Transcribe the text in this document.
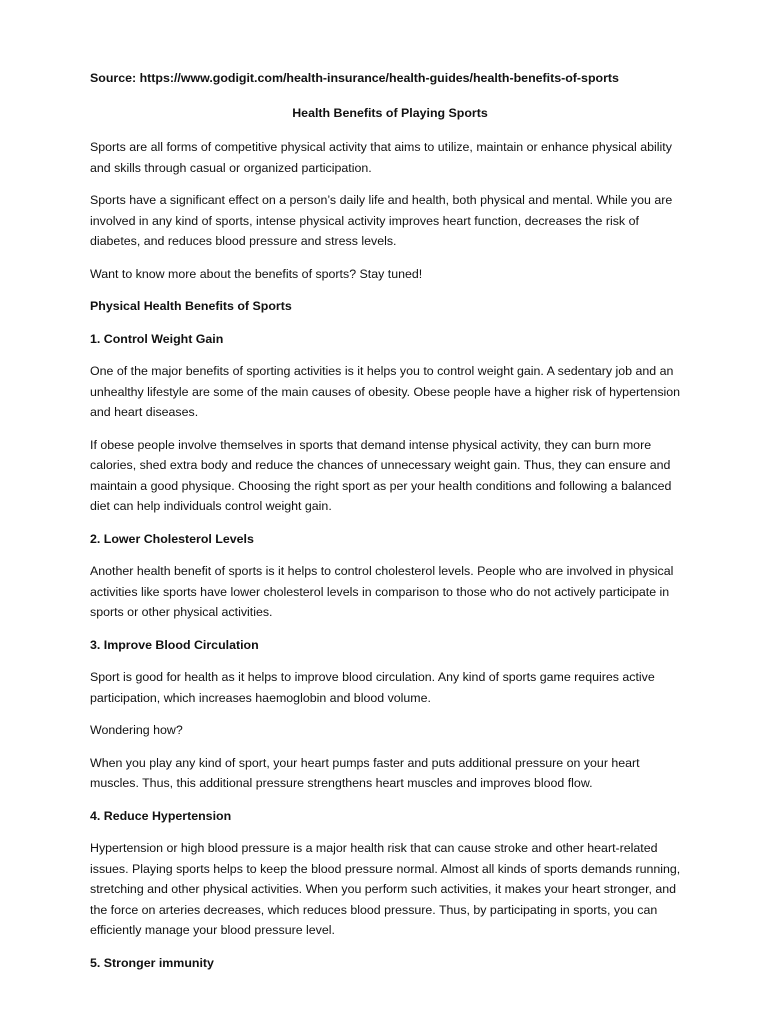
Source: https://www.godigit.com/health-insurance/health-guides/health-benefits-of-sports

Health Benefits of Playing Sports

Sports are all forms of competitive physical activity that aims to utilize, maintain or enhance physical ability and skills through casual or organized participation.

Sports have a significant effect on a person’s daily life and health, both physical and mental. While you are involved in any kind of sports, intense physical activity improves heart function, decreases the risk of diabetes, and reduces blood pressure and stress levels.

Want to know more about the benefits of sports? Stay tuned!

Physical Health Benefits of Sports

1. Control Weight Gain

One of the major benefits of sporting activities is it helps you to control weight gain. A sedentary job and an unhealthy lifestyle are some of the main causes of obesity. Obese people have a higher risk of hypertension and heart diseases.

If obese people involve themselves in sports that demand intense physical activity, they can burn more calories, shed extra body and reduce the chances of unnecessary weight gain. Thus, they can ensure and maintain a good physique. Choosing the right sport as per your health conditions and following a balanced diet can help individuals control weight gain.

2. Lower Cholesterol Levels

Another health benefit of sports is it helps to control cholesterol levels. People who are involved in physical activities like sports have lower cholesterol levels in comparison to those who do not actively participate in sports or other physical activities.

3. Improve Blood Circulation

Sport is good for health as it helps to improve blood circulation. Any kind of sports game requires active participation, which increases haemoglobin and blood volume.

Wondering how?

When you play any kind of sport, your heart pumps faster and puts additional pressure on your heart muscles. Thus, this additional pressure strengthens heart muscles and improves blood flow.

4. Reduce Hypertension

Hypertension or high blood pressure is a major health risk that can cause stroke and other heart-related issues. Playing sports helps to keep the blood pressure normal. Almost all kinds of sports demands running, stretching and other physical activities. When you perform such activities, it makes your heart stronger, and the force on arteries decreases, which reduces blood pressure. Thus, by participating in sports, you can efficiently manage your blood pressure level.

5. Stronger immunity
